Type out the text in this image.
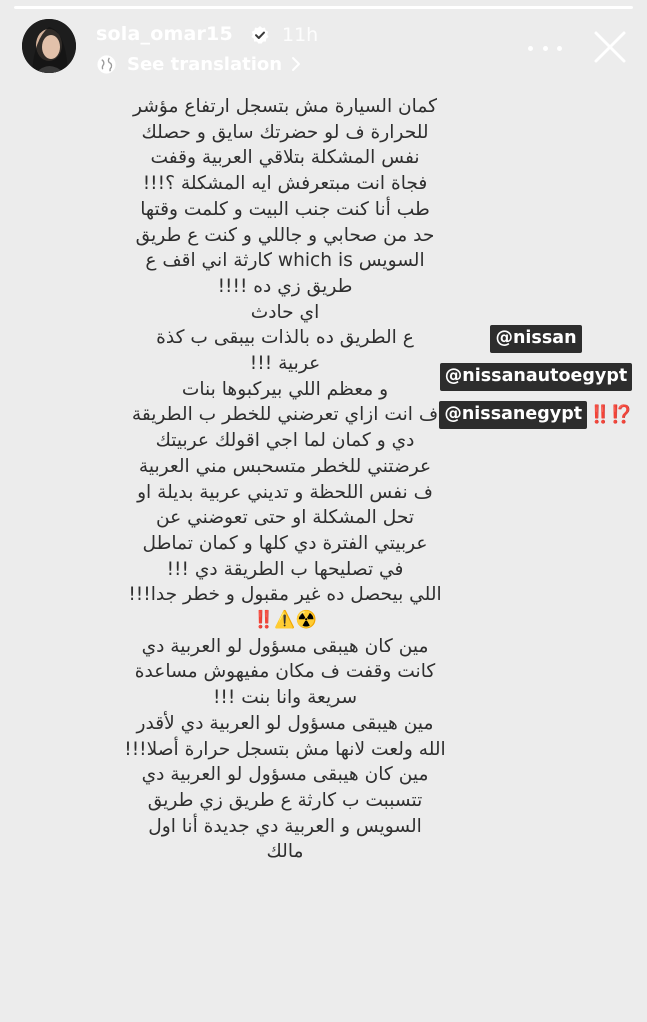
sola_omar15	11h
See translation
كمان السيارة مش بتسجل ارتفاع مؤشر
للحرارة ف لو حضرتك سايق و حصلك
نفس المشكلة بتلاقي العربية وقفت
فجاة انت مبتعرفش ايه المشكلة ؟!!!
طب أنا كنت جنب البيت و كلمت وقتها
حد من صحابي و جاللي و كنت ع طريق
السويس which is كارثة اني اقف ع
طريق زي ده !!!!
اي حادث
ع الطريق ده بالذات بيبقى ب كذة
عربية !!!
و معظم اللي بيركبوها بنات
ف انت ازاي تعرضني للخطر ب الطريقة
دي و كمان لما اجي اقولك عربيتك
عرضتني للخطر متسحبس مني العربية
ف نفس اللحظة و تديني عربية بديلة او
تحل المشكلة او حتى تعوضني عن
عربيتي الفترة دي كلها و كمان تماطل
في تصليحها ب الطريقة دي !!!
اللي بيحصل ده غير مقبول و خطر جدا!!!
☢️⚠️‼️
مين كان هيبقى مسؤول لو العربية دي
كانت وقفت ف مكان مفيهوش مساعدة
سريعة وانا بنت !!!
مين هيبقى مسؤول لو العربية دي لأقدر
الله ولعت لانها مش بتسجل حرارة أصلا!!!
مين كان هيبقى مسؤول لو العربية دي
تتسببت ب كارثة ع طريق زي طريق
السويس و العربية دي جديدة أنا اول
مالك
@nissan
@nissanautoegypt
@nissanegypt ‼️⁉️
